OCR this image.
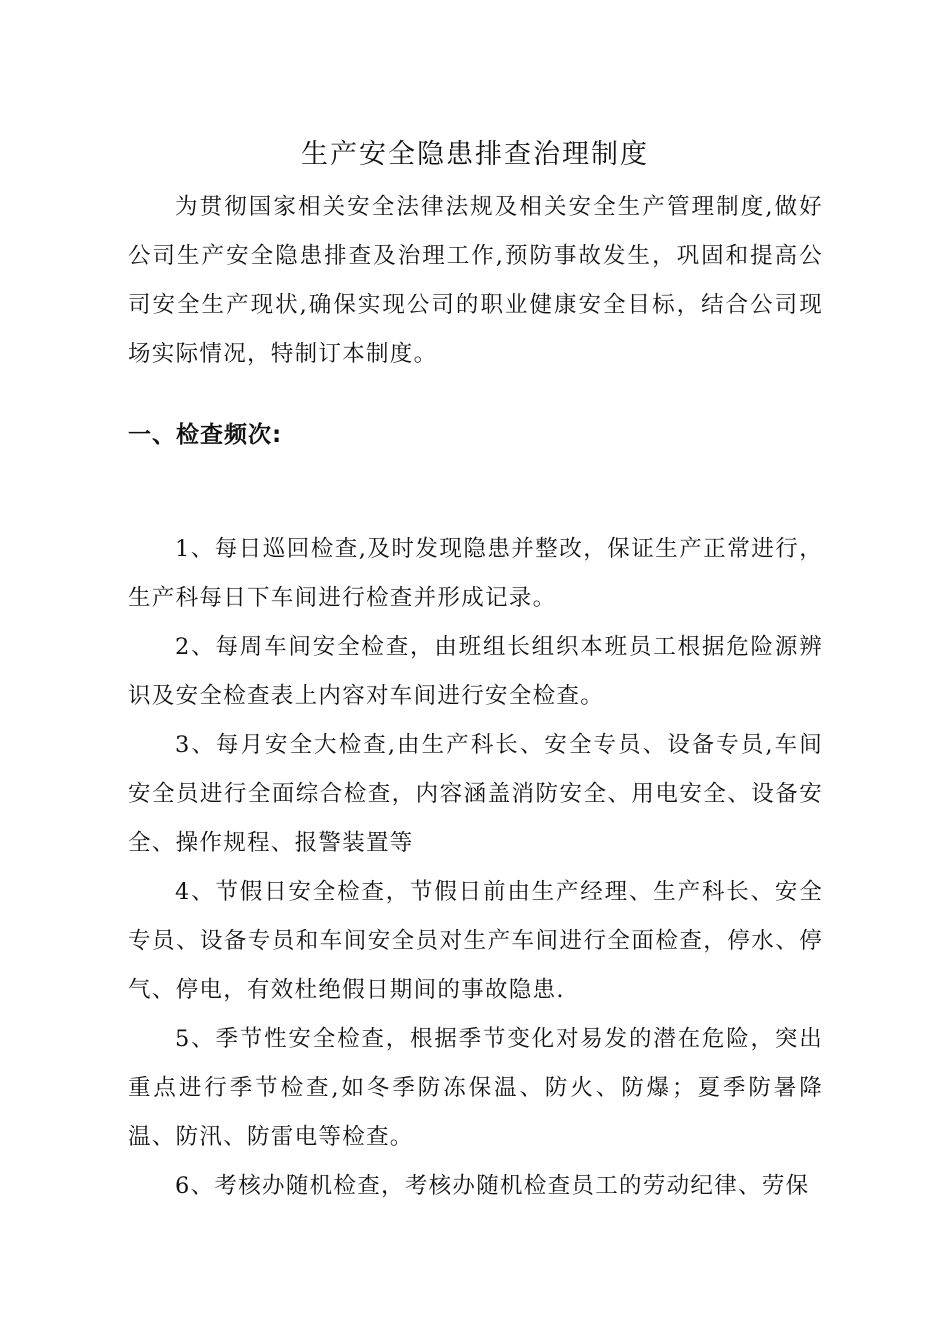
生产安全隐患排查治理制度

为贯彻国家相关安全法律法规及相关安全生产管理制度,做好公司生产安全隐患排查及治理工作,预防事故发生，巩固和提高公司安全生产现状,确保实现公司的职业健康安全目标，结合公司现场实际情况，特制订本制度。

一、检查频次:

1、每日巡回检查,及时发现隐患并整改，保证生产正常进行，生产科每日下车间进行检查并形成记录。

2、每周车间安全检查，由班组长组织本班员工根据危险源辨识及安全检查表上内容对车间进行安全检查。

3、每月安全大检查,由生产科长、安全专员、设备专员,车间安全员进行全面综合检查，内容涵盖消防安全、用电安全、设备安全、操作规程、报警装置等

4、节假日安全检查，节假日前由生产经理、生产科长、安全专员、设备专员和车间安全员对生产车间进行全面检查，停水、停气、停电，有效杜绝假日期间的事故隐患.

5、季节性安全检查，根据季节变化对易发的潜在危险，突出重点进行季节检查,如冬季防冻保温、防火、防爆；夏季防暑降温、防汛、防雷电等检查。

6、考核办随机检查，考核办随机检查员工的劳动纪律、劳保
